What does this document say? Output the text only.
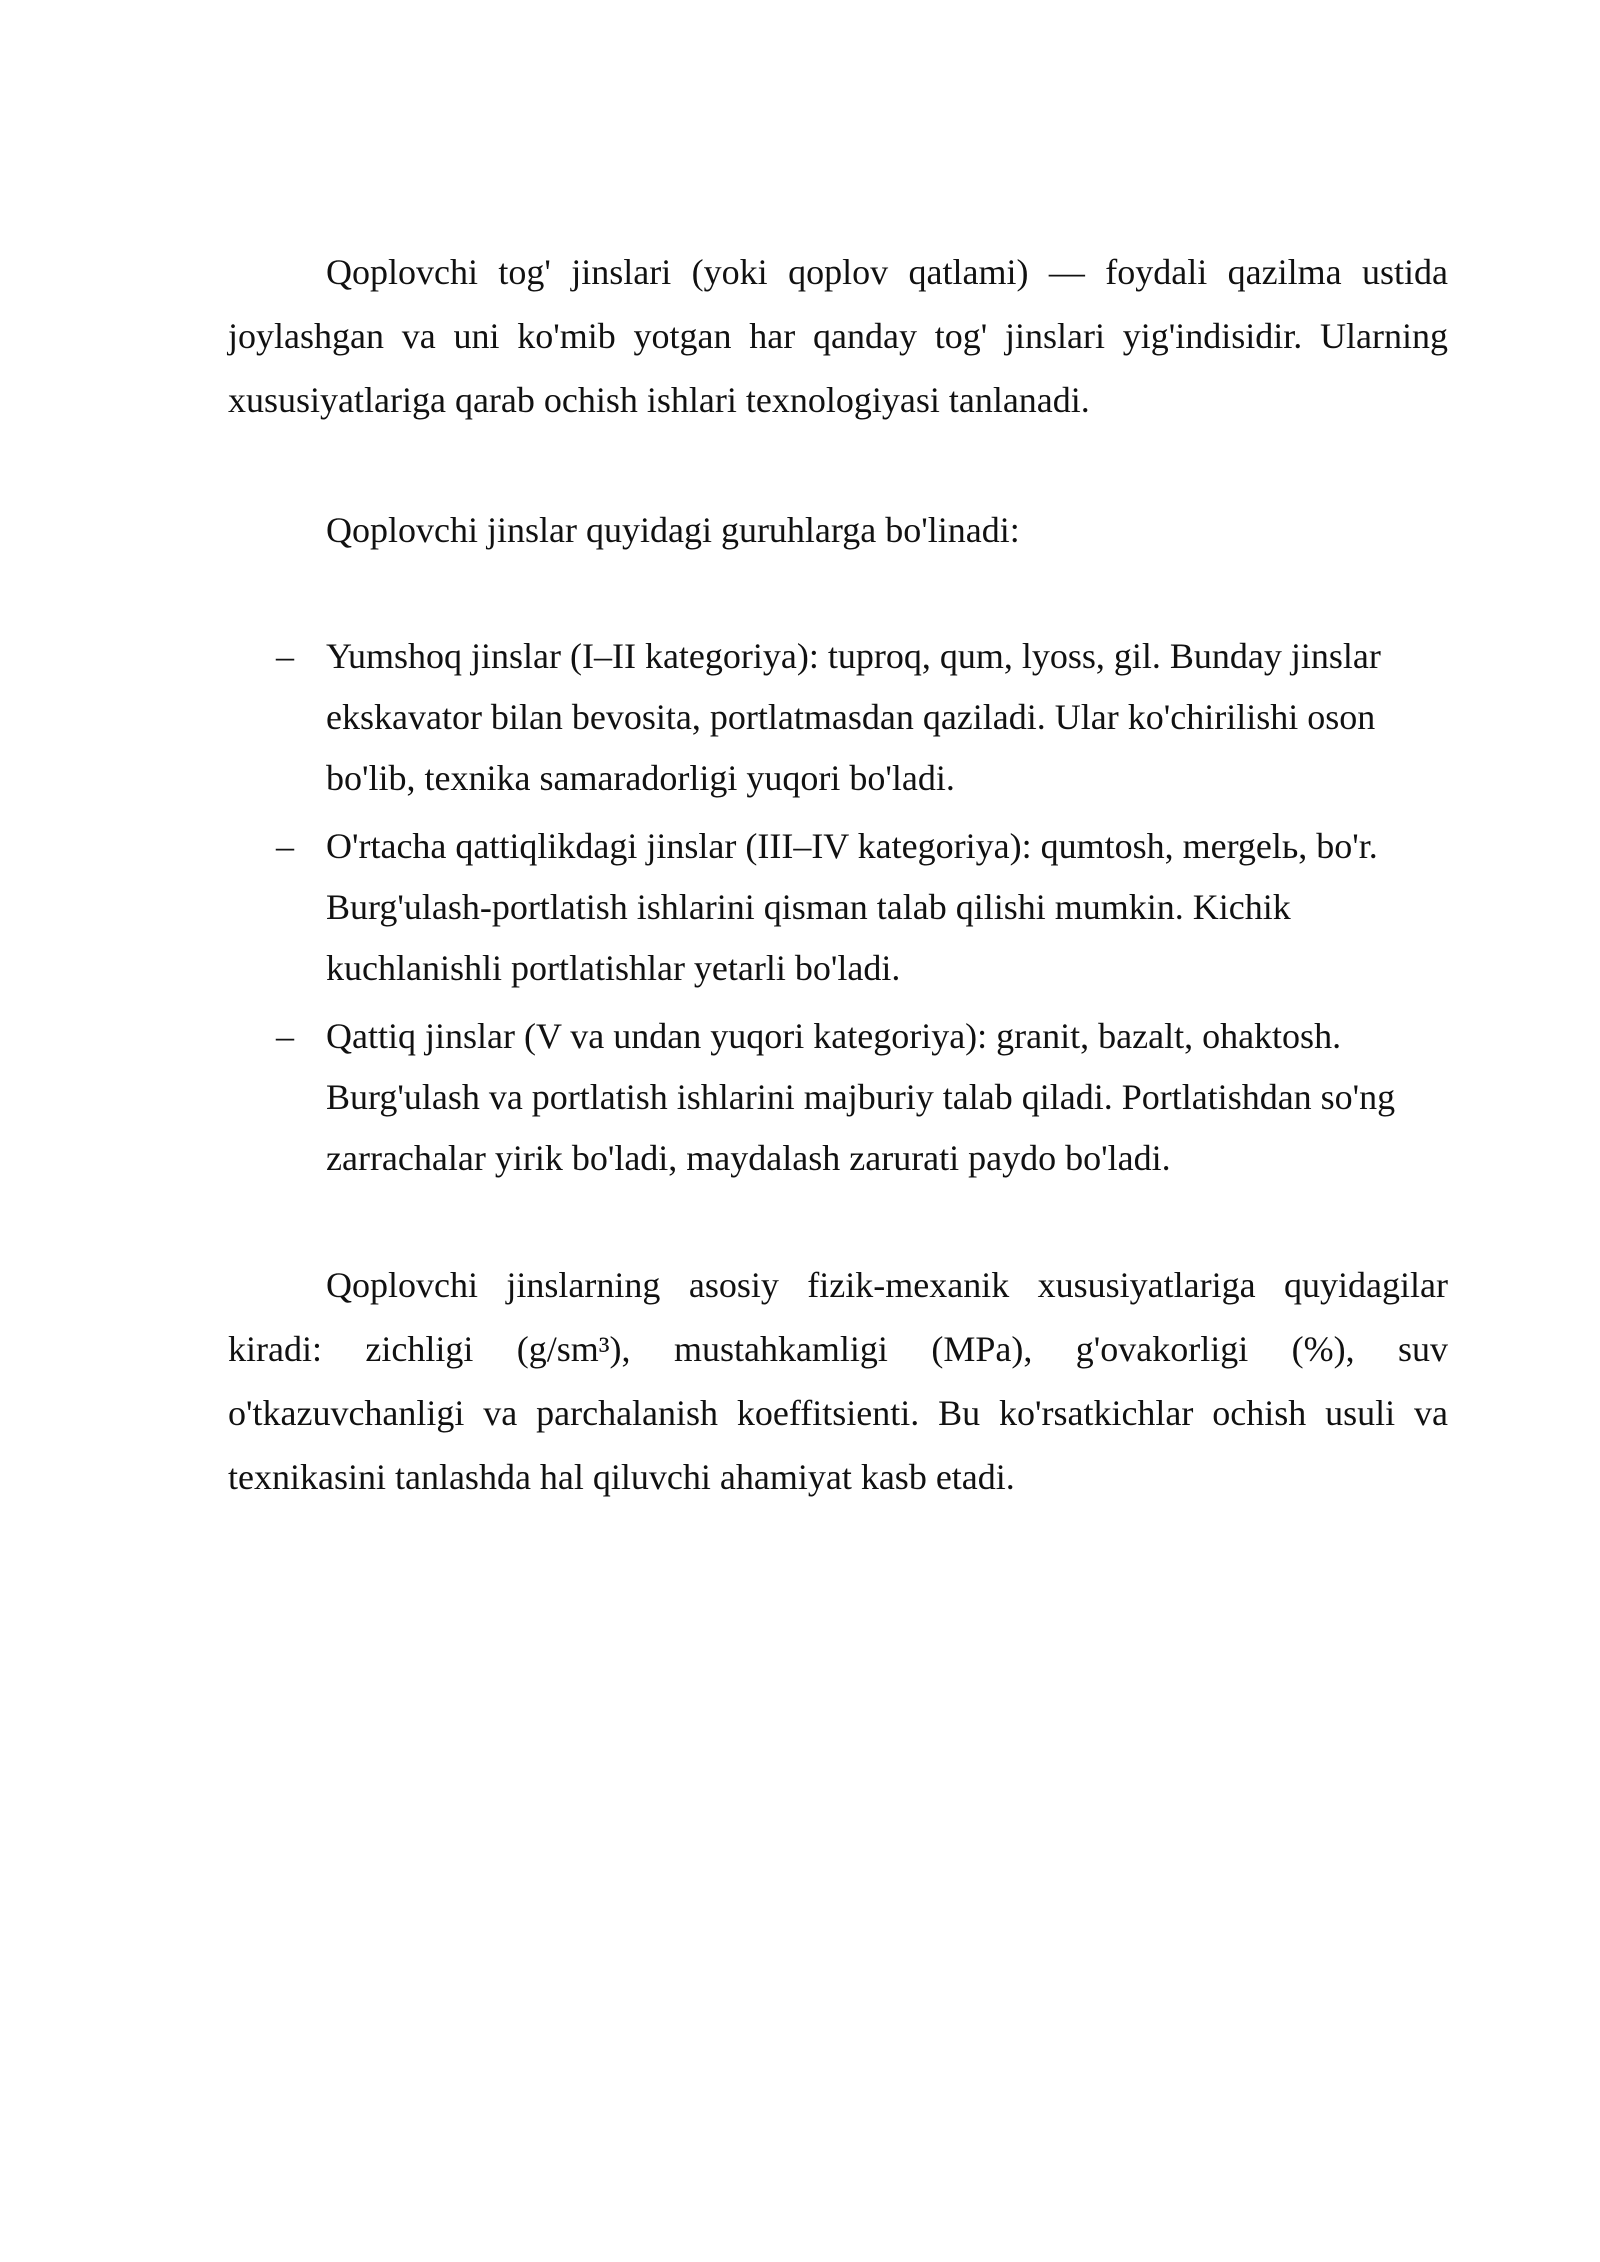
Qoplovchi tog' jinslari (yoki qoplov qatlami) — foydali qazilma ustida joylashgan va uni ko'mib yotgan har qanday tog' jinslari yig'indisidir. Ularning xususiyatlariga qarab ochish ishlari texnologiyasi tanlanadi.

Qoplovchi jinslar quyidagi guruhlarga bo'linadi:

– Yumshoq jinslar (I–II kategoriya): tuproq, qum, lyoss, gil. Bunday jinslar ekskavator bilan bevosita, portlatmasdan qaziladi. Ular ko'chirilishi oson bo'lib, texnika samaradorligi yuqori bo'ladi.
– O'rtacha qattiqlikdagi jinslar (III–IV kategoriya): qumtosh, mergelь, bo'r. Burg'ulash-portlatish ishlarini qisman talab qilishi mumkin. Kichik kuchlanishli portlatishlar yetarli bo'ladi.
– Qattiq jinslar (V va undan yuqori kategoriya): granit, bazalt, ohaktosh. Burg'ulash va portlatish ishlarini majburiy talab qiladi. Portlatishdan so'ng zarrachalar yirik bo'ladi, maydalash zarurati paydo bo'ladi.

Qoplovchi jinslarning asosiy fizik-mexanik xususiyatlariga quyidagilar kiradi: zichligi (g/sm³), mustahkamligi (MPa), g'ovakorligi (%), suv o'tkazuvchanligi va parchalanish koeffitsienti. Bu ko'rsatkichlar ochish usuli va texnikasini tanlashda hal qiluvchi ahamiyat kasb etadi.
